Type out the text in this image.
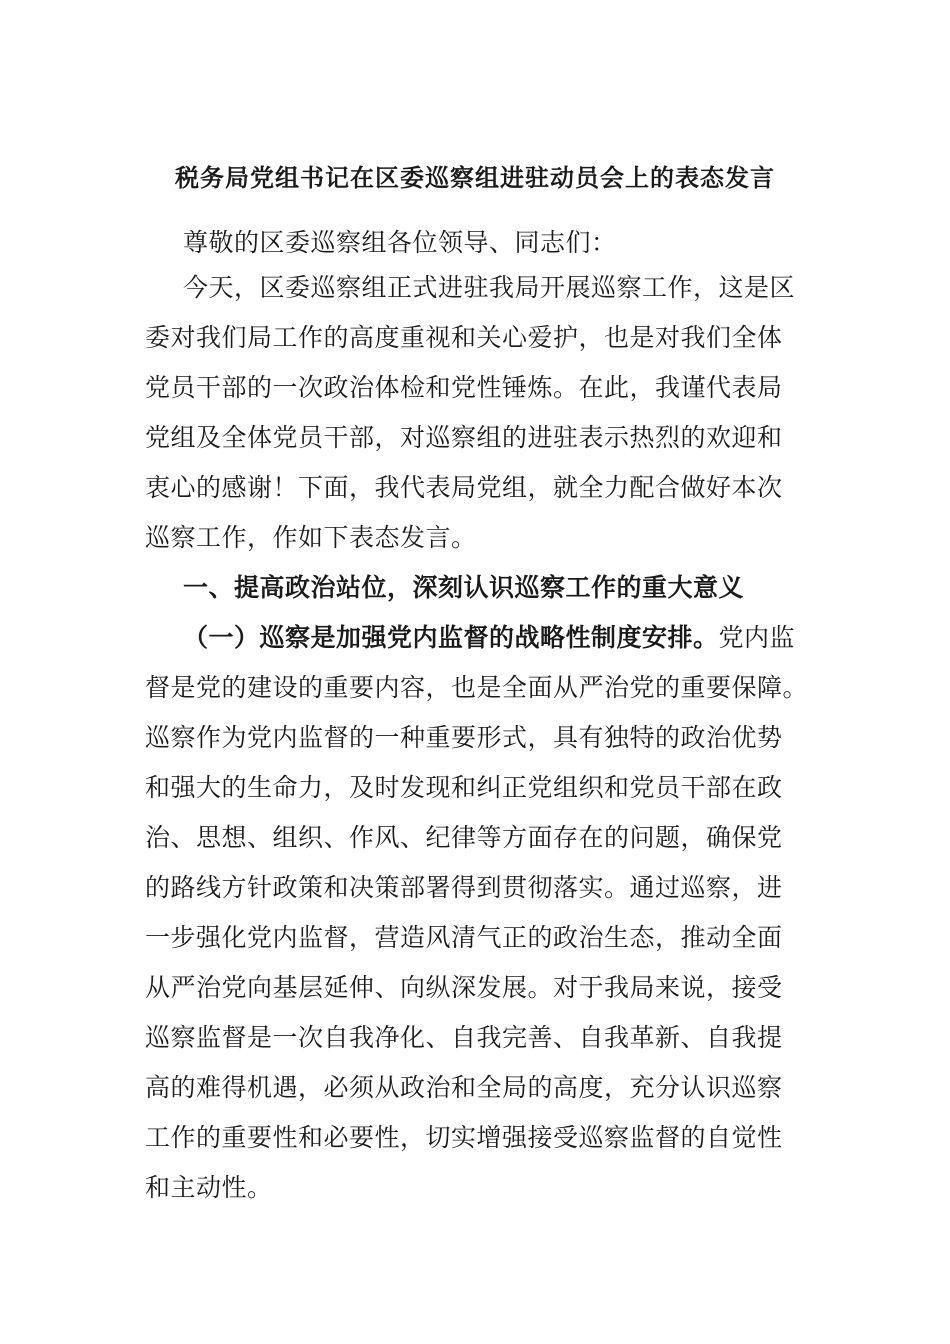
税务局党组书记在区委巡察组进驻动员会上的表态发言
尊敬的区委巡察组各位领导、同志们：
今天，区委巡察组正式进驻我局开展巡察工作，这是区
委对我们局工作的高度重视和关心爱护，也是对我们全体
党员干部的一次政治体检和党性锤炼。在此，我谨代表局
党组及全体党员干部，对巡察组的进驻表示热烈的欢迎和
衷心的感谢！下面，我代表局党组，就全力配合做好本次
巡察工作，作如下表态发言。
一、提高政治站位，深刻认识巡察工作的重大意义
（一）巡察是加强党内监督的战略性制度安排。党内监
督是党的建设的重要内容，也是全面从严治党的重要保障。
巡察作为党内监督的一种重要形式，具有独特的政治优势
和强大的生命力，及时发现和纠正党组织和党员干部在政
治、思想、组织、作风、纪律等方面存在的问题，确保党
的路线方针政策和决策部署得到贯彻落实。通过巡察，进
一步强化党内监督，营造风清气正的政治生态，推动全面
从严治党向基层延伸、向纵深发展。对于我局来说，接受
巡察监督是一次自我净化、自我完善、自我革新、自我提
高的难得机遇，必须从政治和全局的高度，充分认识巡察
工作的重要性和必要性，切实增强接受巡察监督的自觉性
和主动性。
